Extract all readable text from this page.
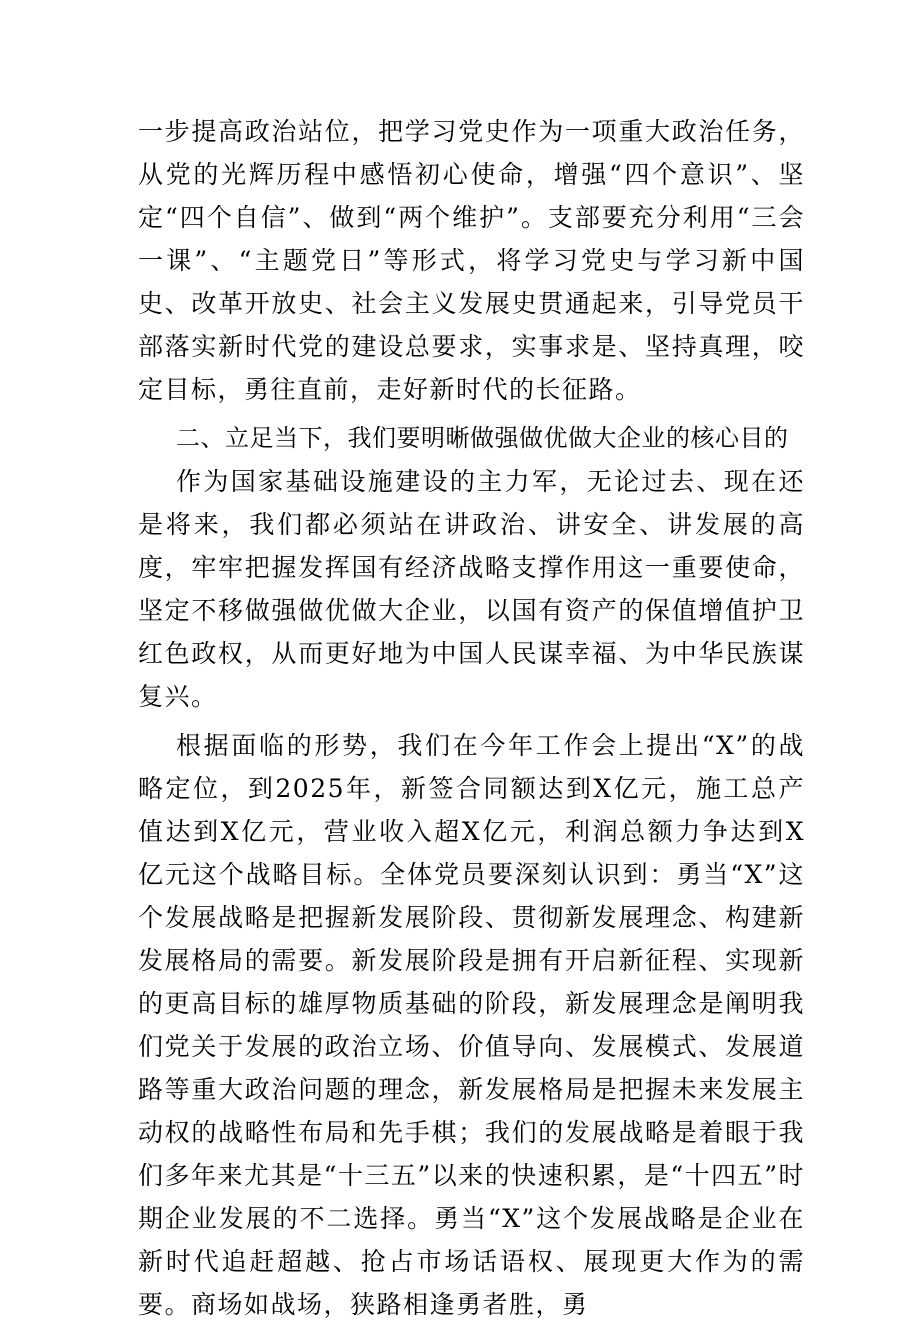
一步提高政治站位，把学习党史作为一项重大政治任务，从党的光辉历程中感悟初心使命，增强“四个意识”、坚定“四个自信”、做到“两个维护”。支部要充分利用“三会一课”、“主题党日”等形式，将学习党史与学习新中国史、改革开放史、社会主义发展史贯通起来，引导党员干部落实新时代党的建设总要求，实事求是、坚持真理，咬定目标，勇往直前，走好新时代的长征路。

二、立足当下，我们要明晰做强做优做大企业的核心目的

作为国家基础设施建设的主力军，无论过去、现在还是将来，我们都必须站在讲政治、讲安全、讲发展的高度，牢牢把握发挥国有经济战略支撑作用这一重要使命，坚定不移做强做优做大企业，以国有资产的保值增值护卫红色政权，从而更好地为中国人民谋幸福、为中华民族谋复兴。

根据面临的形势，我们在今年工作会上提出“X”的战略定位，到2025年，新签合同额达到X亿元，施工总产值达到X亿元，营业收入超X亿元，利润总额力争达到X亿元这个战略目标。全体党员要深刻认识到：勇当“X”这个发展战略是把握新发展阶段、贯彻新发展理念、构建新发展格局的需要。新发展阶段是拥有开启新征程、实现新的更高目标的雄厚物质基础的阶段，新发展理念是阐明我们党关于发展的政治立场、价值导向、发展模式、发展道路等重大政治问题的理念，新发展格局是把握未来发展主动权的战略性布局和先手棋；我们的发展战略是着眼于我们多年来尤其是“十三五”以来的快速积累，是“十四五”时期企业发展的不二选择。勇当“X”这个发展战略是企业在新时代追赶超越、抢占市场话语权、展现更大作为的需要。商场如战场，狭路相逢勇者胜，勇
